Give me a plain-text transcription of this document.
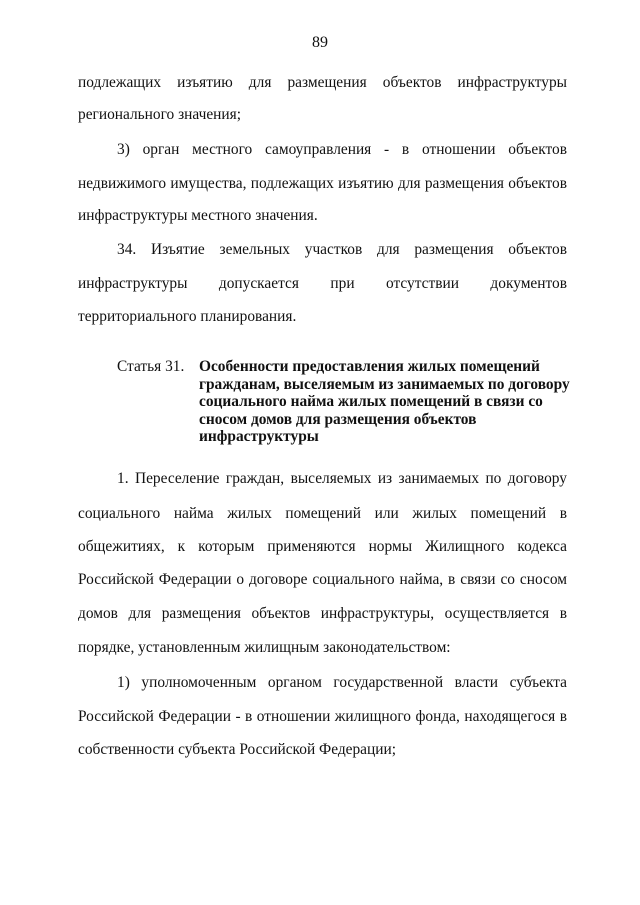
89
подлежащих изъятию для размещения объектов инфраструктуры
регионального значения;
3) орган местного самоуправления - в отношении объектов
недвижимого имущества, подлежащих изъятию для размещения объектов
инфраструктуры местного значения.
34. Изъятие земельных участков для размещения объектов
инфраструктуры допускается при отсутствии документов
территориального планирования.
Статья 31. Особенности предоставления жилых помещений
гражданам, выселяемым из занимаемых по договору
социального найма жилых помещений в связи со
сносом домов для размещения объектов
инфраструктуры
1. Переселение граждан, выселяемых из занимаемых по договору
социального найма жилых помещений или жилых помещений в
общежитиях, к которым применяются нормы Жилищного кодекса
Российской Федерации о договоре социального найма, в связи со сносом
домов для размещения объектов инфраструктуры, осуществляется в
порядке, установленным жилищным законодательством:
1) уполномоченным органом государственной власти субъекта
Российской Федерации - в отношении жилищного фонда, находящегося в
собственности субъекта Российской Федерации;
